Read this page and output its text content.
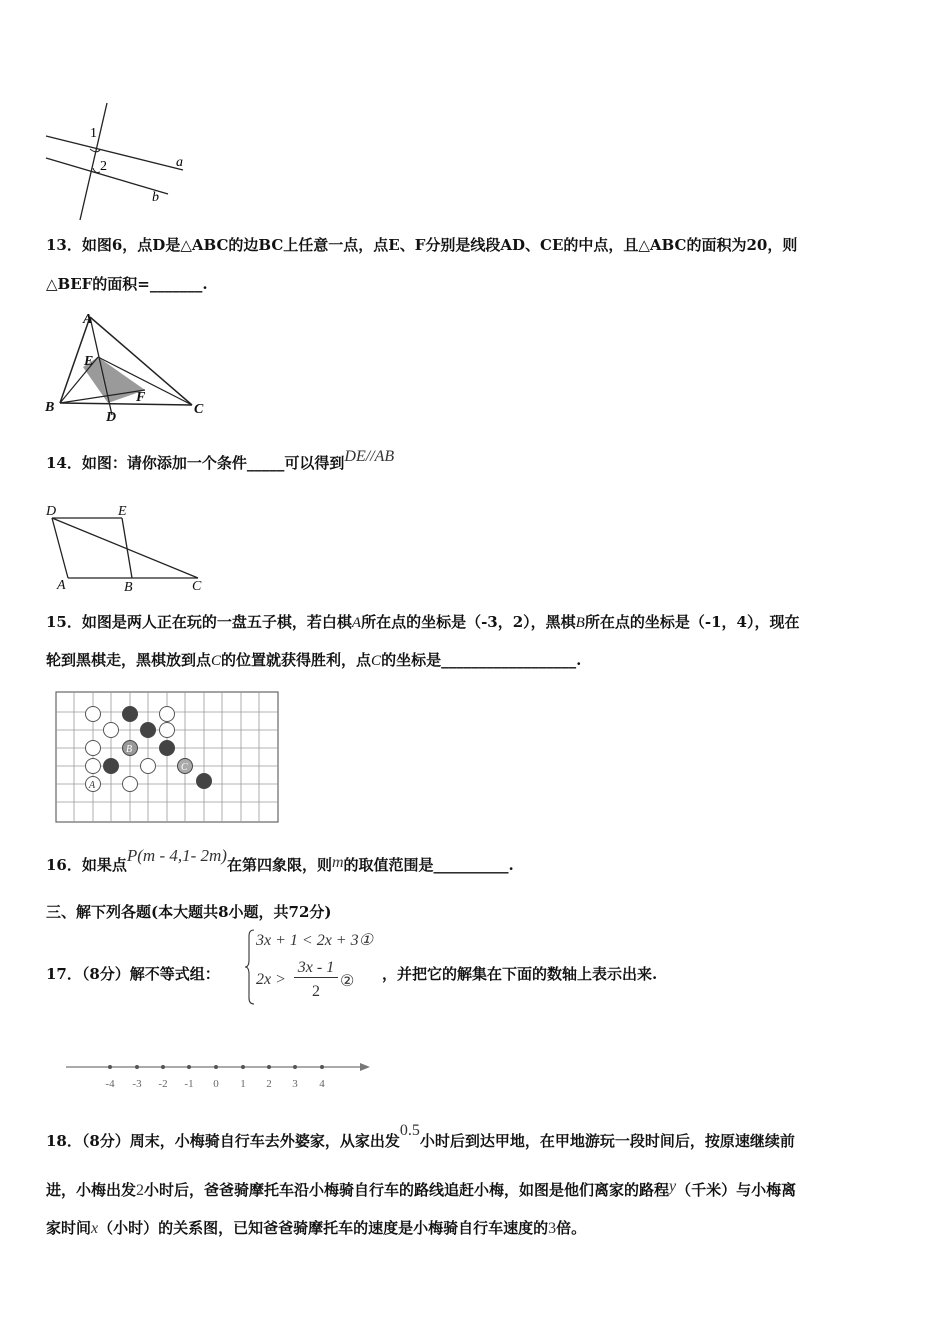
1
2	a
b
13．如图6，点D是△ABC的边BC上任意一点，点E、F分别是线段AD、CE的中点，且△ABC的面积为20，则
△BEF的面积=_______.
A
B	C
D
E
F
14．如图：请你添加一个条件_____可以得到DE//AB
D	E
A	B	C
15．如图是两人正在玩的一盘五子棋，若白棋A所在点的坐标是（-3，2），黑棋B所在点的坐标是（-1，4），现在
轮到黑棋走，黑棋放到点C的位置就获得胜利，点C的坐标是__________________.
B
C
A
16．如果点P(m - 4,1- 2m)在第四象限，则m的取值范围是__________.
三、解下列各题(本大题共8小题，共72分)
17．（8分）解不等式组：
3x + 1 < 2x + 3①
2x >
3x - 1
2
② ，并把它的解集在下面的数轴上表示出来.
-4 -3 -2 -1 0 1 2 3 4
18．（8分）周末，小梅骑自行车去外婆家，从家出发0.5小时后到达甲地，在甲地游玩一段时间后，按原速继续前
进，小梅出发2小时后，爸爸骑摩托车沿小梅骑自行车的路线追赶小梅，如图是他们离家的路程y（千米）与小梅离
家时间x（小时）的关系图，已知爸爸骑摩托车的速度是小梅骑自行车速度的3倍。
